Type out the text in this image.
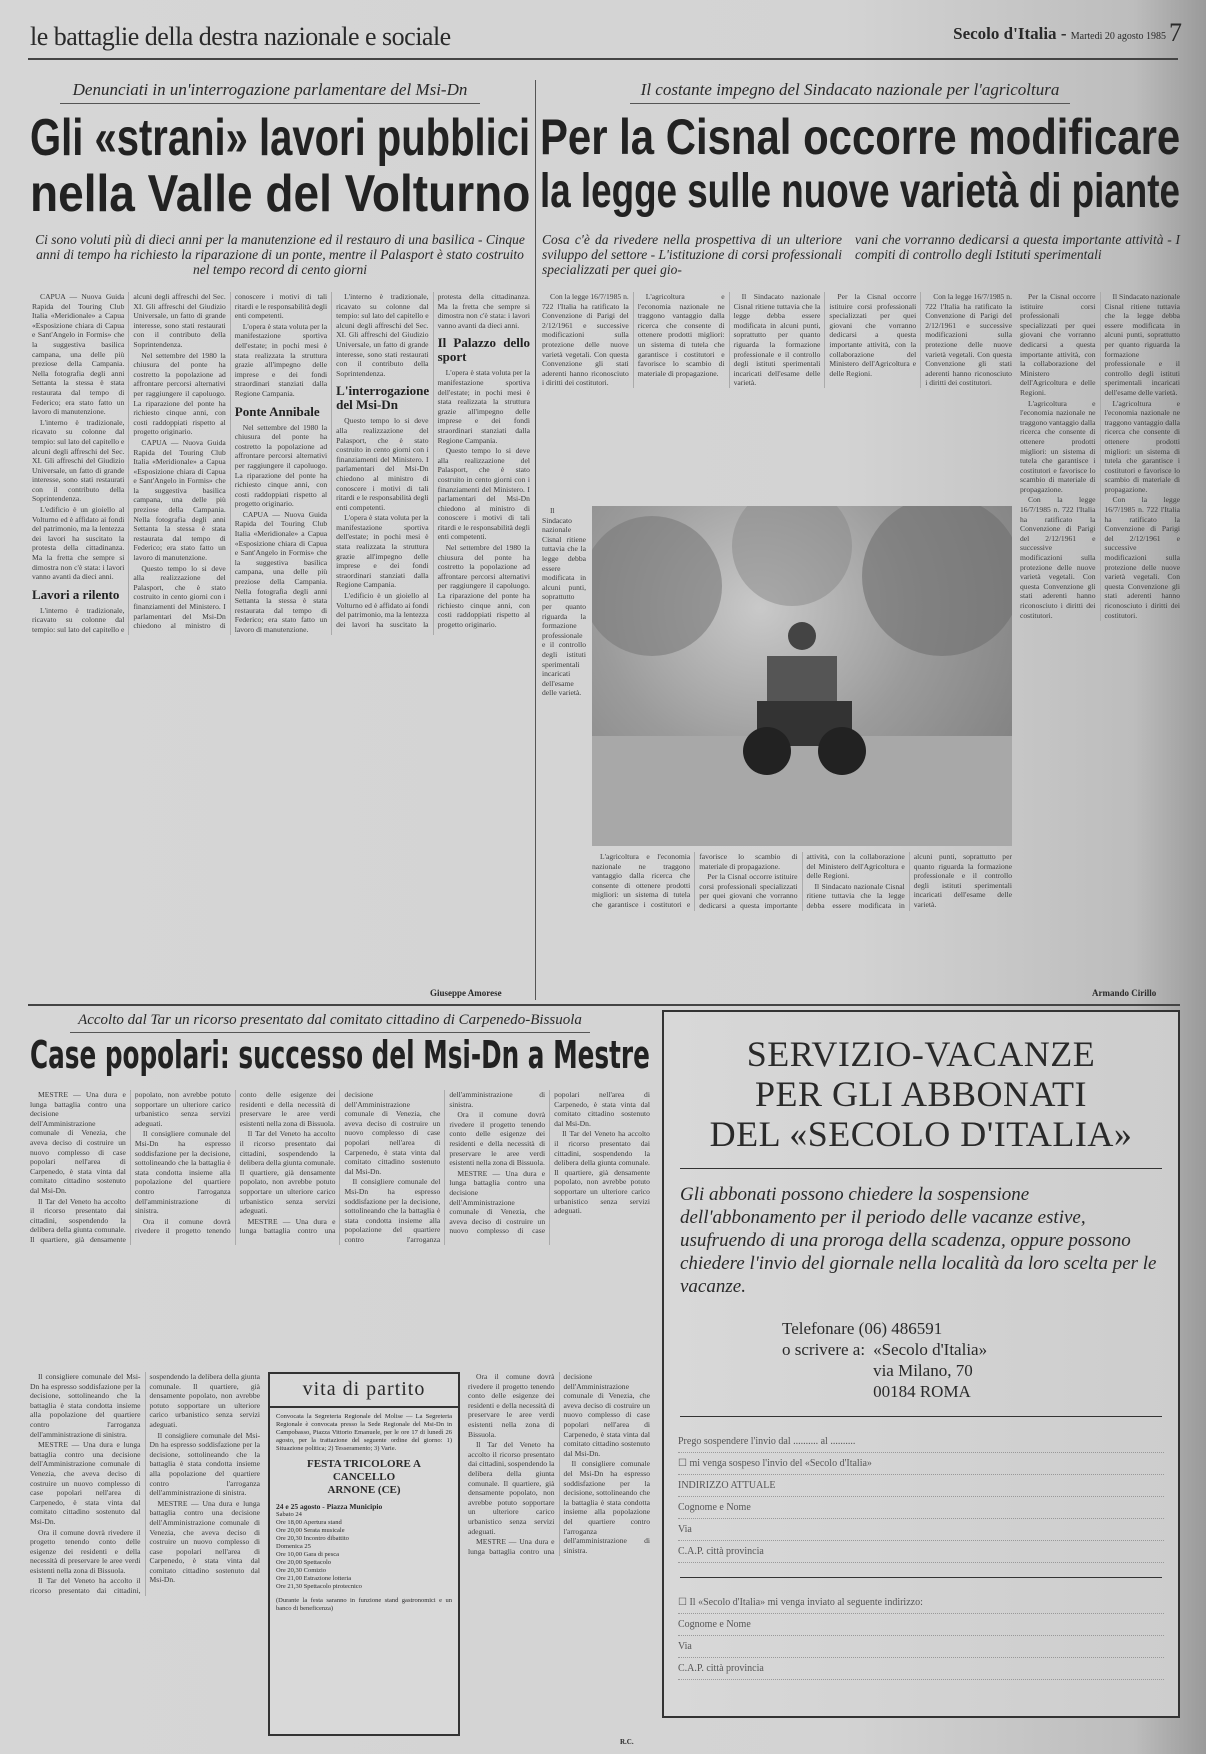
le battaglie della destra nazionale e sociale	Secolo d'Italia - Martedì 20 agosto 1985 7
Denunciati in un'interrogazione parlamentare del Msi-Dn
Gli «strani» lavori pubblici
nella Valle del Volturno
Ci sono voluti più di dieci anni per la manutenzione ed il restauro di una basilica - Cinque anni di tempo ha richiesto la riparazione di un ponte, mentre il Palasport è stato costruito nel tempo record di cento giorni

CAPUA — Nuova Guida Rapida del Touring Club Italia «Meridionale» a Capua «Esposizione chiara di Capua e Sant'Angelo in Formis» che la suggestiva basilica campana, una delle più preziose della Campania. Nella fotografia degli anni Settanta la stessa è stata restaurata dal tempo di Federico; era stato fatto un lavoro di manutenzione.

L'interno è tradizionale, ricavato su colonne dal tempio: sul lato del capitello e alcuni degli affreschi del Sec. XI. Gli affreschi del Giudizio Universale, un fatto di grande interesse, sono stati restaurati con il contributo della Soprintendenza.

L'edificio è un gioiello al Volturno ed è affidato ai fondi del patrimonio, ma la lentezza dei lavori ha suscitato la protesta della cittadinanza. Ma la fretta che sempre si dimostra non c'è stata: i lavori vanno avanti da dieci anni.

Lavori a rilento

L'interno è tradizionale, ricavato su colonne dal tempio: sul lato del capitello e alcuni degli affreschi del Sec. XI. Gli affreschi del Giudizio Universale, un fatto di grande interesse, sono stati restaurati con il contributo della Soprintendenza.

Nel settembre del 1980 la chiusura del ponte ha costretto la popolazione ad affrontare percorsi alternativi per raggiungere il capoluogo. La riparazione del ponte ha richiesto cinque anni, con costi raddoppiati rispetto al progetto originario.

CAPUA — Nuova Guida Rapida del Touring Club Italia «Meridionale» a Capua «Esposizione chiara di Capua e Sant'Angelo in Formis» che la suggestiva basilica campana, una delle più preziose della Campania. Nella fotografia degli anni Settanta la stessa è stata restaurata dal tempo di Federico; era stato fatto un lavoro di manutenzione.

Questo tempo lo si deve alla realizzazione del Palasport, che è stato costruito in cento giorni con i finanziamenti del Ministero. I parlamentari del Msi-Dn chiedono al ministro di conoscere i motivi di tali ritardi e le responsabilità degli enti competenti.

L'opera è stata voluta per la manifestazione sportiva dell'estate; in pochi mesi è stata realizzata la struttura grazie all'impegno delle imprese e dei fondi straordinari stanziati dalla Regione Campania.

Ponte Annibale

Nel settembre del 1980 la chiusura del ponte ha costretto la popolazione ad affrontare percorsi alternativi per raggiungere il capoluogo. La riparazione del ponte ha richiesto cinque anni, con costi raddoppiati rispetto al progetto originario.

CAPUA — Nuova Guida Rapida del Touring Club Italia «Meridionale» a Capua «Esposizione chiara di Capua e Sant'Angelo in Formis» che la suggestiva basilica campana, una delle più preziose della Campania. Nella fotografia degli anni Settanta la stessa è stata restaurata dal tempo di Federico; era stato fatto un lavoro di manutenzione.

L'interno è tradizionale, ricavato su colonne dal tempio: sul lato del capitello e alcuni degli affreschi del Sec. XI. Gli affreschi del Giudizio Universale, un fatto di grande interesse, sono stati restaurati con il contributo della Soprintendenza.

L'interrogazione del Msi-Dn

Questo tempo lo si deve alla realizzazione del Palasport, che è stato costruito in cento giorni con i finanziamenti del Ministero. I parlamentari del Msi-Dn chiedono al ministro di conoscere i motivi di tali ritardi e le responsabilità degli enti competenti.

L'opera è stata voluta per la manifestazione sportiva dell'estate; in pochi mesi è stata realizzata la struttura grazie all'impegno delle imprese e dei fondi straordinari stanziati dalla Regione Campania.

L'edificio è un gioiello al Volturno ed è affidato ai fondi del patrimonio, ma la lentezza dei lavori ha suscitato la protesta della cittadinanza. Ma la fretta che sempre si dimostra non c'è stata: i lavori vanno avanti da dieci anni.

Il Palazzo dello sport

L'opera è stata voluta per la manifestazione sportiva dell'estate; in pochi mesi è stata realizzata la struttura grazie all'impegno delle imprese e dei fondi straordinari stanziati dalla Regione Campania.

Questo tempo lo si deve alla realizzazione del Palasport, che è stato costruito in cento giorni con i finanziamenti del Ministero. I parlamentari del Msi-Dn chiedono al ministro di conoscere i motivi di tali ritardi e le responsabilità degli enti competenti.

Nel settembre del 1980 la chiusura del ponte ha costretto la popolazione ad affrontare percorsi alternativi per raggiungere il capoluogo. La riparazione del ponte ha richiesto cinque anni, con costi raddoppiati rispetto al progetto originario.

Giuseppe Amorese
Il costante impegno del Sindacato nazionale per l'agricoltura
Per la Cisnal occorre modificare
la legge sulle nuove varietà di piante
Cosa c'è da rivedere nella prospettiva di un ulteriore sviluppo del settore - L'istituzione di corsi professionali specializzati per quei gio-
vani che vorranno dedicarsi a questa importante attività - I compiti di controllo degli Istituti sperimentali

Con la legge 16/7/1985 n. 722 l'Italia ha ratificato la Convenzione di Parigi del 2/12/1961 e successive modificazioni sulla protezione delle nuove varietà vegetali. Con questa Convenzione gli stati aderenti hanno riconosciuto i diritti dei costitutori.

L'agricoltura e l'economia nazionale ne traggono vantaggio dalla ricerca che consente di ottenere prodotti migliori: un sistema di tutela che garantisce i costitutori e favorisce lo scambio di materiale di propagazione.

Il Sindacato nazionale Cisnal ritiene tuttavia che la legge debba essere modificata in alcuni punti, soprattutto per quanto riguarda la formazione professionale e il controllo degli istituti sperimentali incaricati dell'esame delle varietà.

Per la Cisnal occorre istituire corsi professionali specializzati per quei giovani che vorranno dedicarsi a questa importante attività, con la collaborazione del Ministero dell'Agricoltura e delle Regioni.

Con la legge 16/7/1985 n. 722 l'Italia ha ratificato la Convenzione di Parigi del 2/12/1961 e successive modificazioni sulla protezione delle nuove varietà vegetali. Con questa Convenzione gli stati aderenti hanno riconosciuto i diritti dei costitutori.

Il Sindacato nazionale Cisnal ritiene tuttavia che la legge debba essere modificata in alcuni punti, soprattutto per quanto riguarda la formazione professionale e il controllo degli istituti sperimentali incaricati dell'esame delle varietà.

Per la Cisnal occorre istituire corsi professionali specializzati per quei giovani che vorranno dedicarsi a questa importante attività, con la collaborazione del Ministero dell'Agricoltura e delle Regioni.

L'agricoltura e l'economia nazionale ne traggono vantaggio dalla ricerca che consente di ottenere prodotti migliori: un sistema di tutela che garantisce i costitutori e favorisce lo scambio di materiale di propagazione.

Con la legge 16/7/1985 n. 722 l'Italia ha ratificato la Convenzione di Parigi del 2/12/1961 e successive modificazioni sulla protezione delle nuove varietà vegetali. Con questa Convenzione gli stati aderenti hanno riconosciuto i diritti dei costitutori.

Il Sindacato nazionale Cisnal ritiene tuttavia che la legge debba essere modificata in alcuni punti, soprattutto per quanto riguarda la formazione professionale e il controllo degli istituti sperimentali incaricati dell'esame delle varietà.

L'agricoltura e l'economia nazionale ne traggono vantaggio dalla ricerca che consente di ottenere prodotti migliori: un sistema di tutela che garantisce i costitutori e favorisce lo scambio di materiale di propagazione.

Con la legge 16/7/1985 n. 722 l'Italia ha ratificato la Convenzione di Parigi del 2/12/1961 e successive modificazioni sulla protezione delle nuove varietà vegetali. Con questa Convenzione gli stati aderenti hanno riconosciuto i diritti dei costitutori.

L'agricoltura e l'economia nazionale ne traggono vantaggio dalla ricerca che consente di ottenere prodotti migliori: un sistema di tutela che garantisce i costitutori e favorisce lo scambio di materiale di propagazione.

Per la Cisnal occorre istituire corsi professionali specializzati per quei giovani che vorranno dedicarsi a questa importante attività, con la collaborazione del Ministero dell'Agricoltura e delle Regioni.

Il Sindacato nazionale Cisnal ritiene tuttavia che la legge debba essere modificata in alcuni punti, soprattutto per quanto riguarda la formazione professionale e il controllo degli istituti sperimentali incaricati dell'esame delle varietà.

Armando Cirillo
Accolto dal Tar un ricorso presentato dal comitato cittadino di Carpenedo-Bissuola
Case popolari: successo del Msi-Dn a Mestre

MESTRE — Una dura e lunga battaglia contro una decisione dell'Amministrazione comunale di Venezia, che aveva deciso di costruire un nuovo complesso di case popolari nell'area di Carpenedo, è stata vinta dal comitato cittadino sostenuto dal Msi-Dn.

Il Tar del Veneto ha accolto il ricorso presentato dai cittadini, sospendendo la delibera della giunta comunale. Il quartiere, già densamente popolato, non avrebbe potuto sopportare un ulteriore carico urbanistico senza servizi adeguati.

Il consigliere comunale del Msi-Dn ha espresso soddisfazione per la decisione, sottolineando che la battaglia è stata condotta insieme alla popolazione del quartiere contro l'arroganza dell'amministrazione di sinistra.

Ora il comune dovrà rivedere il progetto tenendo conto delle esigenze dei residenti e della necessità di preservare le aree verdi esistenti nella zona di Bissuola.

Il Tar del Veneto ha accolto il ricorso presentato dai cittadini, sospendendo la delibera della giunta comunale. Il quartiere, già densamente popolato, non avrebbe potuto sopportare un ulteriore carico urbanistico senza servizi adeguati.

MESTRE — Una dura e lunga battaglia contro una decisione dell'Amministrazione comunale di Venezia, che aveva deciso di costruire un nuovo complesso di case popolari nell'area di Carpenedo, è stata vinta dal comitato cittadino sostenuto dal Msi-Dn.

Il consigliere comunale del Msi-Dn ha espresso soddisfazione per la decisione, sottolineando che la battaglia è stata condotta insieme alla popolazione del quartiere contro l'arroganza dell'amministrazione di sinistra.

Ora il comune dovrà rivedere il progetto tenendo conto delle esigenze dei residenti e della necessità di preservare le aree verdi esistenti nella zona di Bissuola.

MESTRE — Una dura e lunga battaglia contro una decisione dell'Amministrazione comunale di Venezia, che aveva deciso di costruire un nuovo complesso di case popolari nell'area di Carpenedo, è stata vinta dal comitato cittadino sostenuto dal Msi-Dn.

Il Tar del Veneto ha accolto il ricorso presentato dai cittadini, sospendendo la delibera della giunta comunale. Il quartiere, già densamente popolato, non avrebbe potuto sopportare un ulteriore carico urbanistico senza servizi adeguati.

Il consigliere comunale del Msi-Dn ha espresso soddisfazione per la decisione, sottolineando che la battaglia è stata condotta insieme alla popolazione del quartiere contro l'arroganza dell'amministrazione di sinistra.

MESTRE — Una dura e lunga battaglia contro una decisione dell'Amministrazione comunale di Venezia, che aveva deciso di costruire un nuovo complesso di case popolari nell'area di Carpenedo, è stata vinta dal comitato cittadino sostenuto dal Msi-Dn.

Ora il comune dovrà rivedere il progetto tenendo conto delle esigenze dei residenti e della necessità di preservare le aree verdi esistenti nella zona di Bissuola.

Il Tar del Veneto ha accolto il ricorso presentato dai cittadini, sospendendo la delibera della giunta comunale. Il quartiere, già densamente popolato, non avrebbe potuto sopportare un ulteriore carico urbanistico senza servizi adeguati.

Il consigliere comunale del Msi-Dn ha espresso soddisfazione per la decisione, sottolineando che la battaglia è stata condotta insieme alla popolazione del quartiere contro l'arroganza dell'amministrazione di sinistra.

MESTRE — Una dura e lunga battaglia contro una decisione dell'Amministrazione comunale di Venezia, che aveva deciso di costruire un nuovo complesso di case popolari nell'area di Carpenedo, è stata vinta dal comitato cittadino sostenuto dal Msi-Dn.

Ora il comune dovrà rivedere il progetto tenendo conto delle esigenze dei residenti e della necessità di preservare le aree verdi esistenti nella zona di Bissuola.

Il Tar del Veneto ha accolto il ricorso presentato dai cittadini, sospendendo la delibera della giunta comunale. Il quartiere, già densamente popolato, non avrebbe potuto sopportare un ulteriore carico urbanistico senza servizi adeguati.

MESTRE — Una dura e lunga battaglia contro una decisione dell'Amministrazione comunale di Venezia, che aveva deciso di costruire un nuovo complesso di case popolari nell'area di Carpenedo, è stata vinta dal comitato cittadino sostenuto dal Msi-Dn.

Il consigliere comunale del Msi-Dn ha espresso soddisfazione per la decisione, sottolineando che la battaglia è stata condotta insieme alla popolazione del quartiere contro l'arroganza dell'amministrazione di sinistra.

R.C.
vita di partito

Convocata la Segreteria Regionale del Molise — La Segreteria Regionale è convocata presso la Sede Regionale del Msi-Dn in Campobasso, Piazza Vittorio Emanuele, per le ore 17 di lunedì 26 agosto, per la trattazione del seguente ordine del giorno: 1) Situazione politica; 2) Tesseramento; 3) Varie.

FESTA TRICOLORE A CANCELLO
ARNONE (CE)

24 e 25 agosto - Piazza Municipio

Sabato 24
Ore 18,00 Apertura stand
Ore 20,00 Serata musicale
Ore 20,30 Incontro dibattito
Domenica 25
Ore 10,00 Gara di pesca
Ore 20,00 Spettacolo
Ore 20,30 Comizio
Ore 21,00 Estrazione lotteria
Ore 21,30 Spettacolo pirotecnico

(Durante la festa saranno in funzione stand gastronomici e un banco di beneficenza)

SERVIZIO-VACANZE
PER GLI ABBONATI
DEL «SECOLO D'ITALIA»
Gli abbonati possono chiedere la sospensione dell'abbonamento per il periodo delle vacanze estive, usufruendo di una proroga della scadenza, oppure possono chiedere l'invio del giornale nella località da loro scelta per le vacanze.
Telefonare (06) 486591
o scrivere a: «Secolo d'Italia»
via Milano, 70
00184 ROMA
Prego sospendere l'invio dal .......... al ..........
☐ mi venga sospeso l'invio del «Secolo d'Italia»
INDIRIZZO ATTUALE
Cognome e Nome
Via
C.A.P. città provincia
☐ Il «Secolo d'Italia» mi venga inviato al seguente indirizzo:
Cognome e Nome
Via
C.A.P. città provincia
